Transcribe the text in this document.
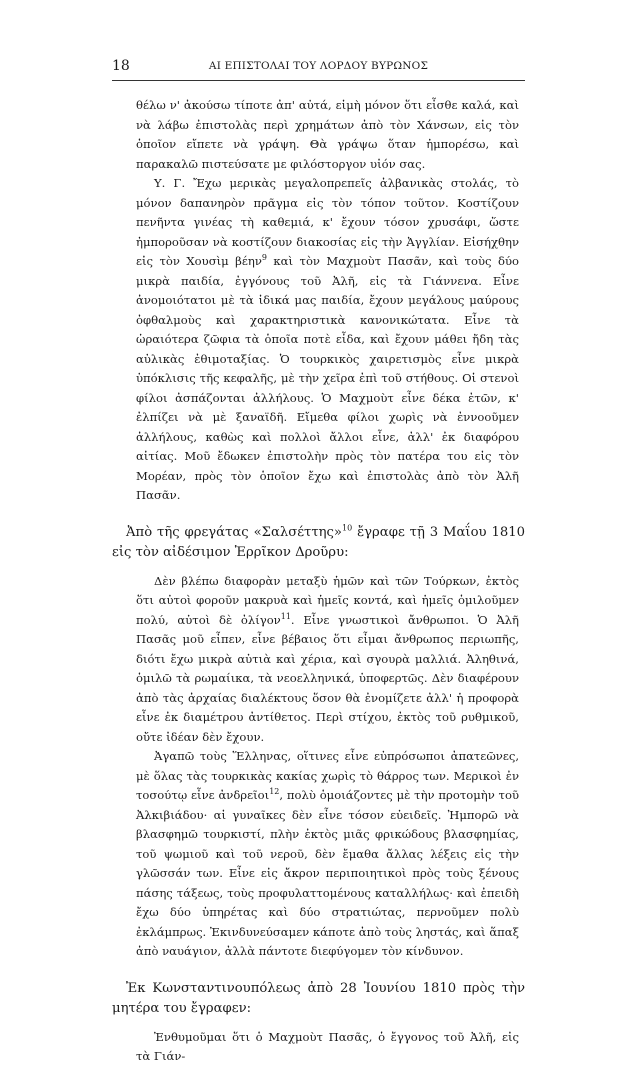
18	ΑΙ ΕΠΙΣΤΟΛΑΙ ΤΟΥ ΛΟΡΔΟΥ ΒΥΡΩΝΟΣ

θέλω ν' ἀκούσω τίποτε ἀπ' αὐτά, εἰμὴ μόνον ὅτι εἶσθε καλά, καὶ νὰ λάβω ἐπιστολὰς περὶ χρημάτων ἀπὸ τὸν Χάνσων, εἰς τὸν ὁποῖον εἴπετε νὰ γράψη. Θὰ γράψω ὅταν ἠμπορέσω, καὶ παρακαλῶ πιστεύσατε με φιλόστοργον υἱόν σας.

Υ. Γ. Ἔχω μερικὰς μεγαλοπρεπεῖς ἀλβανικὰς στολάς, τὸ μόνον δαπανηρὸν πρᾶγμα εἰς τὸν τόπον τοῦτον. Κοστίζουν πενῆντα γινέας τὴ καθεμιά, κ' ἔχουν τόσον χρυσάφι, ὥστε ἠμποροῦσαν νὰ κοστίζουν διακοσίας εἰς τὴν Ἀγγλίαν. Εἰσήχθην εἰς τὸν Χουσὶμ βέην$^9$ καὶ τὸν Μαχμοὺτ Πασᾶν, καὶ τοὺς δύο μικρὰ παιδία, ἐγγόνους τοῦ Ἀλῆ, εἰς τὰ Γιάννενα. Εἶνε ἀνομοιότατοι μὲ τὰ ἰδικά μας παιδία, ἔχουν μεγάλους μαύρους ὀφθαλμοὺς καὶ χαρακτηριστικὰ κανονικώτατα. Εἶνε τὰ ὡραιότερα ζῶφια τὰ ὁποῖα ποτὲ εἶδα, καὶ ἔχουν μάθει ἤδη τὰς αὐλικὰς ἐθιμοταξίας. Ὁ τουρκικὸς χαιρετισμὸς εἶνε μικρὰ ὑπόκλισις τῆς κεφαλῆς, μὲ τὴν χεῖρα ἐπὶ τοῦ στήθους. Οἱ στενοὶ φίλοι ἀσπάζονται ἀλλήλους. Ὁ Μαχμοὺτ εἶνε δέκα ἐτῶν, κ' ἐλπίζει νὰ μὲ ξαναϊδῆ. Εἴμεθα φίλοι χωρὶς νὰ ἐννοοῦμεν ἀλλήλους, καθὼς καὶ πολλοὶ ἄλλοι εἶνε, ἀλλ' ἐκ διαφόρου αἰτίας. Μοῦ ἔδωκεν ἐπιστολὴν πρὸς τὸν πατέρα του εἰς τὸν Μορέαν, πρὸς τὸν ὁποῖον ἔχω καὶ ἐπιστολὰς ἀπὸ τὸν Ἀλῆ Πασᾶν.

Ἀπὸ τῆς φρεγάτας «Σαλσέττης»$^{10}$ ἔγραφε τῇ 3 Μαΐου 1810 εἰς τὸν αἰδέσιμον Ἐρρῖκον Δροῦρυ:

Δὲν βλέπω διαφορὰν μεταξὺ ἡμῶν καὶ τῶν Τούρκων, ἐκτὸς ὅτι αὐτοὶ φοροῦν μακρυὰ καὶ ἡμεῖς κοντά, καὶ ἡμεῖς ὁμιλοῦμεν πολύ, αὐτοὶ δὲ ὀλίγον$^{11}$. Εἶνε γνωστικοὶ ἄνθρωποι. Ὁ Ἀλῆ Πασᾶς μοῦ εἶπεν, εἶνε βέβαιος ὅτι εἶμαι ἄνθρωπος περιωπῆς, διότι ἔχω μικρὰ αὐτιὰ καὶ χέρια, καὶ σγουρὰ μαλλιά. Ἀληθινά, ὁμιλῶ τὰ ρωμαίικα, τὰ νεοελληνικά, ὑποφερτῶς. Δὲν διαφέρουν ἀπὸ τὰς ἀρχαίας διαλέκτους ὅσον θὰ ἐνομίζετε ἀλλ' ἡ προφορὰ εἶνε ἐκ διαμέτρου ἀντίθετος. Περὶ στίχου, ἐκτὸς τοῦ ρυθμικοῦ, οὔτε ἰδέαν δὲν ἔχουν.

Ἀγαπῶ τοὺς Ἕλληνας, οἵτινες εἶνε εὐπρόσωποι ἀπατεῶνες, μὲ ὅλας τὰς τουρκικὰς κακίας χωρὶς τὸ θάρρος των. Μερικοὶ ἐν τοσούτῳ εἶνε ἀνδρεῖοι$^{12}$, πολὺ ὁμοιάζοντες μὲ τὴν προτομὴν τοῦ Ἀλκιβιάδου· αἱ γυναῖκες δὲν εἶνε τόσον εὐειδεῖς. Ἠμπορῶ νὰ βλασφημῶ τουρκιστί, πλὴν ἐκτὸς μιᾶς φρικώδους βλασφημίας, τοῦ ψωμιοῦ καὶ τοῦ νεροῦ, δὲν ἔμαθα ἄλλας λέξεις εἰς τὴν γλῶσσάν των. Εἶνε εἰς ἄκρον περιποιητικοὶ πρὸς τοὺς ξένους πάσης τάξεως, τοὺς προφυλαττομένους καταλλήλως· καὶ ἐπειδὴ ἔχω δύο ὑπηρέτας καὶ δύο στρατιώτας, περνοῦμεν πολὺ ἐκλάμπρως. Ἐκινδυνεύσαμεν κάποτε ἀπὸ τοὺς ληστάς, καὶ ἅπαξ ἀπὸ ναυάγιον, ἀλλὰ πάντοτε διεφύγομεν τὸν κίνδυνον.

Ἐκ Κωνσταντινουπόλεως ἀπὸ 28 Ἰουνίου 1810 πρὸς τὴν μητέρα του ἔγραφεν:

Ἐνθυμοῦμαι ὅτι ὁ Μαχμοὺτ Πασᾶς, ὁ ἔγγονος τοῦ Ἀλῆ, εἰς τὰ Γιάν-
